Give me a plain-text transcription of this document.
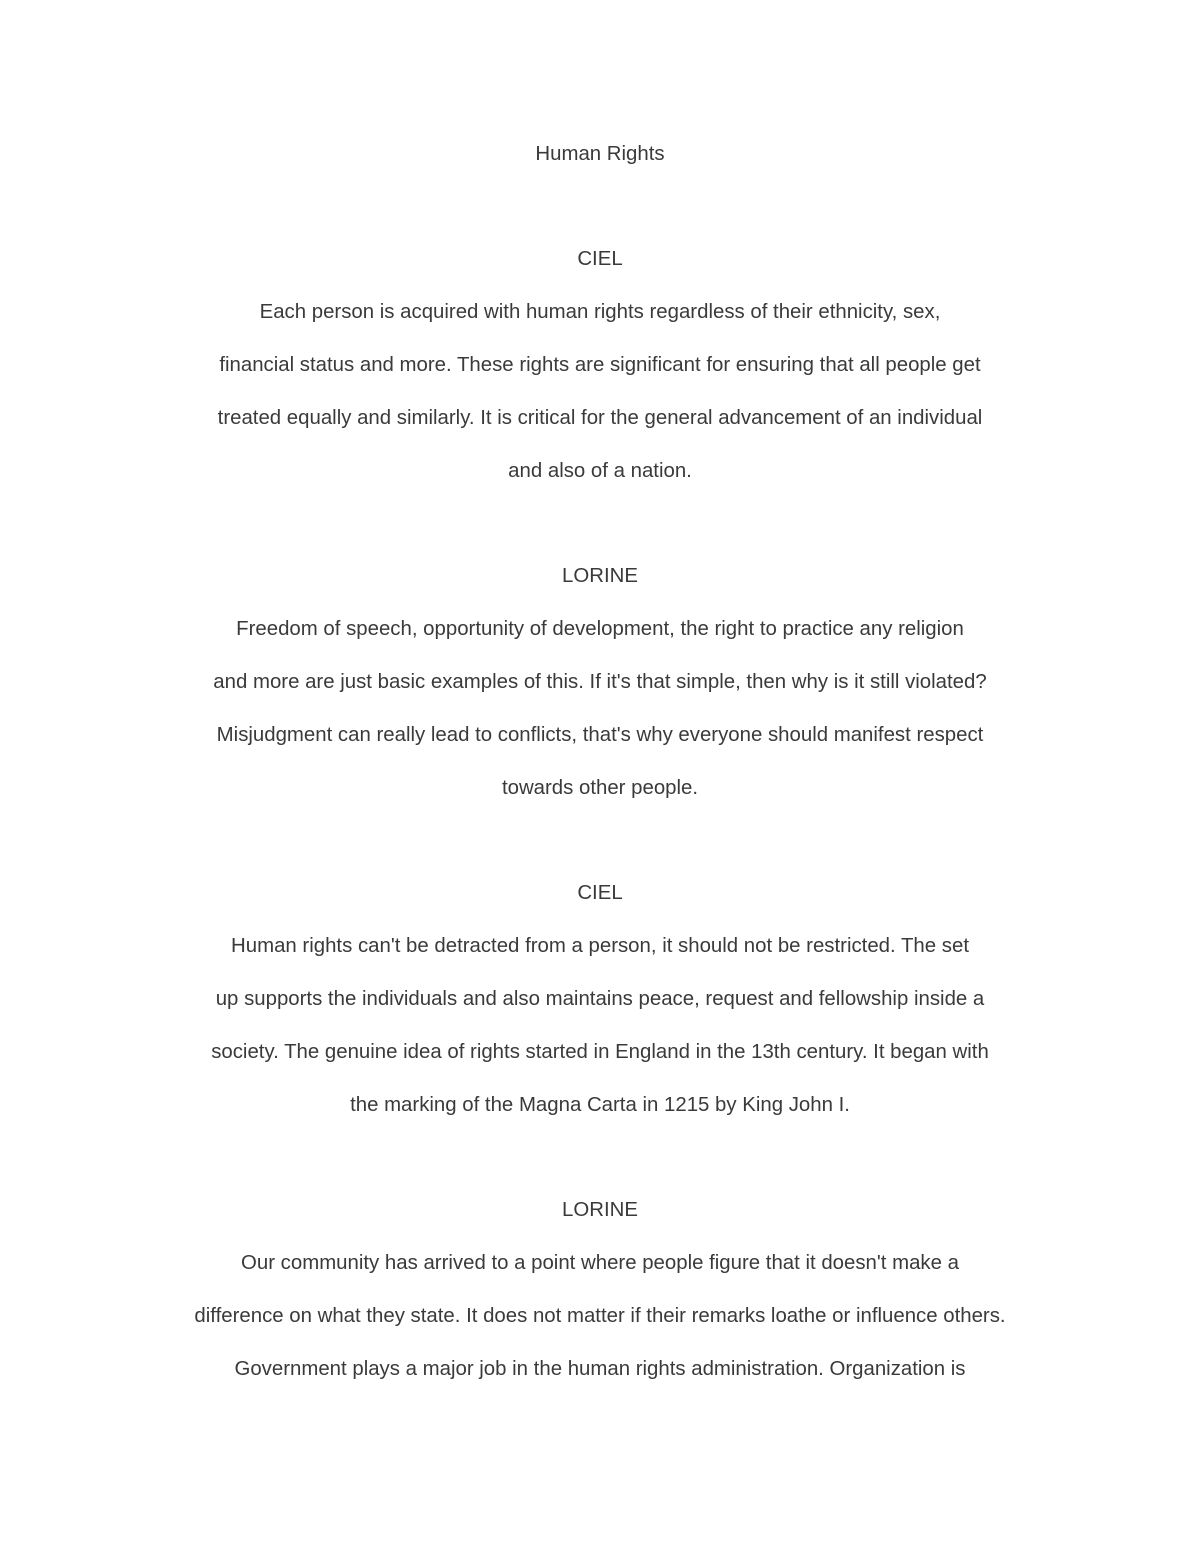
Human Rights
CIEL
Each person is acquired with human rights regardless of their ethnicity, sex,
financial status and more. These rights are significant for ensuring that all people get
treated equally and similarly. It is critical for the general advancement of an individual
and also of a nation.
LORINE
Freedom of speech, opportunity of development, the right to practice any religion
and more are just basic examples of this. If it's that simple, then why is it still violated?
Misjudgment can really lead to conflicts, that's why everyone should manifest respect
towards other people.
CIEL
Human rights can't be detracted from a person, it should not be restricted. The set
up supports the individuals and also maintains peace, request and fellowship inside a
society. The genuine idea of rights started in England in the 13th century. It began with
the marking of the Magna Carta in 1215 by King John I.
LORINE
Our community has arrived to a point where people figure that it doesn't make a
difference on what they state. It does not matter if their remarks loathe or influence others.
Government plays a major job in the human rights administration. Organization is
